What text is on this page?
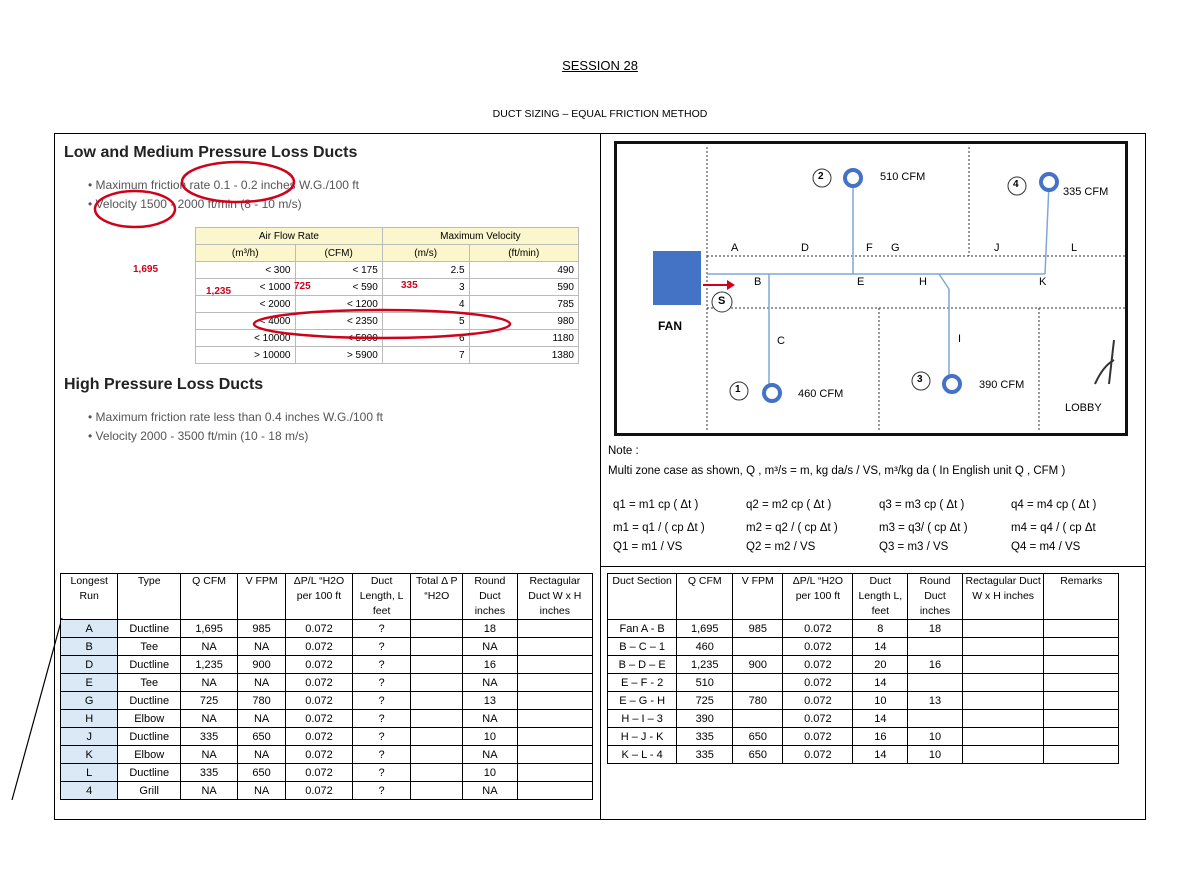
SESSION 28
DUCT SIZING – EQUAL FRICTION METHOD
Low and Medium Pressure Loss Ducts
• Maximum friction rate 0.1 - 0.2 inches W.G./100 ft
• Velocity 1500 - 2000 ft/min (8 - 10 m/s)
Air Flow Rate		Maximum Velocity	
(m³/h)	(CFM)	(m/s)	(ft/min)
< 300	< 175	2.5	490
< 1000	< 590	3	590
< 2000	< 1200	4	785
< 4000	< 2350	5	980
< 10000	< 5900	6	1180
> 10000	> 5900	7	1380
1,695
1,235	725	335
High Pressure Loss Ducts
• Maximum friction rate less than 0.4 inches W.G./100 ft
• Velocity 2000 - 3500 ft/min (10 - 18 m/s)
FAN
S
LOBBY
A
B
C
D
E
F G
H
I
J
K
L
2	510 CFM
4
335 CFM
1	460 CFM
3	390 CFM
Note :
Multi zone case as shown, Q , m³/s = m, kg da/s / VS, m³/kg da ( In English unit Q , CFM )
q1 = m1 cp ( Δt )	q2 = m2 cp ( Δt )	q3 = m3 cp ( Δt )	q4 = m4 cp ( Δt )
m1 = q1 / ( cp Δt )	m2 = q2 / ( cp Δt )	m3 = q3/ ( cp Δt )	m4 = q4 / ( cp Δt
Q1 = m1 / VS	Q2 = m2 / VS	Q3 = m3 / VS	Q4 = m4 / VS
Longest Run	Type	Q CFM	V FPM	ΔP/L “H2O per 100 ft	Duct Length, L feet	Total Δ P “H2O	Round Duct inches	Rectagular Duct W x H inches
A	Ductline	1,695	985	0.072	?		18	
B	Tee	NA	NA	0.072	?		NA	
D	Ductline	1,235	900	0.072	?		16	
E	Tee	NA	NA	0.072	?		NA	
G	Ductline	725	780	0.072	?		13	
H	Elbow	NA	NA	0.072	?		NA	
J	Ductline	335	650	0.072	?		10	
K	Elbow	NA	NA	0.072	?		NA	
L	Ductline	335	650	0.072	?		10	
4	Grill	NA	NA	0.072	?		NA	
Duct Section	Q CFM	V FPM	ΔP/L “H2O per 100 ft	Duct Length L, feet	Round Duct inches	Rectagular Duct W x H inches	Remarks
Fan A - B	1,695	985	0.072	8	18		
B – C – 1	460		0.072	14			
B – D – E	1,235	900	0.072	20	16		
E – F - 2	510		0.072	14			
E – G - H	725	780	0.072	10	13		
H – I – 3	390		0.072	14			
H – J - K	335	650	0.072	16	10		
K – L - 4	335	650	0.072	14	10		
